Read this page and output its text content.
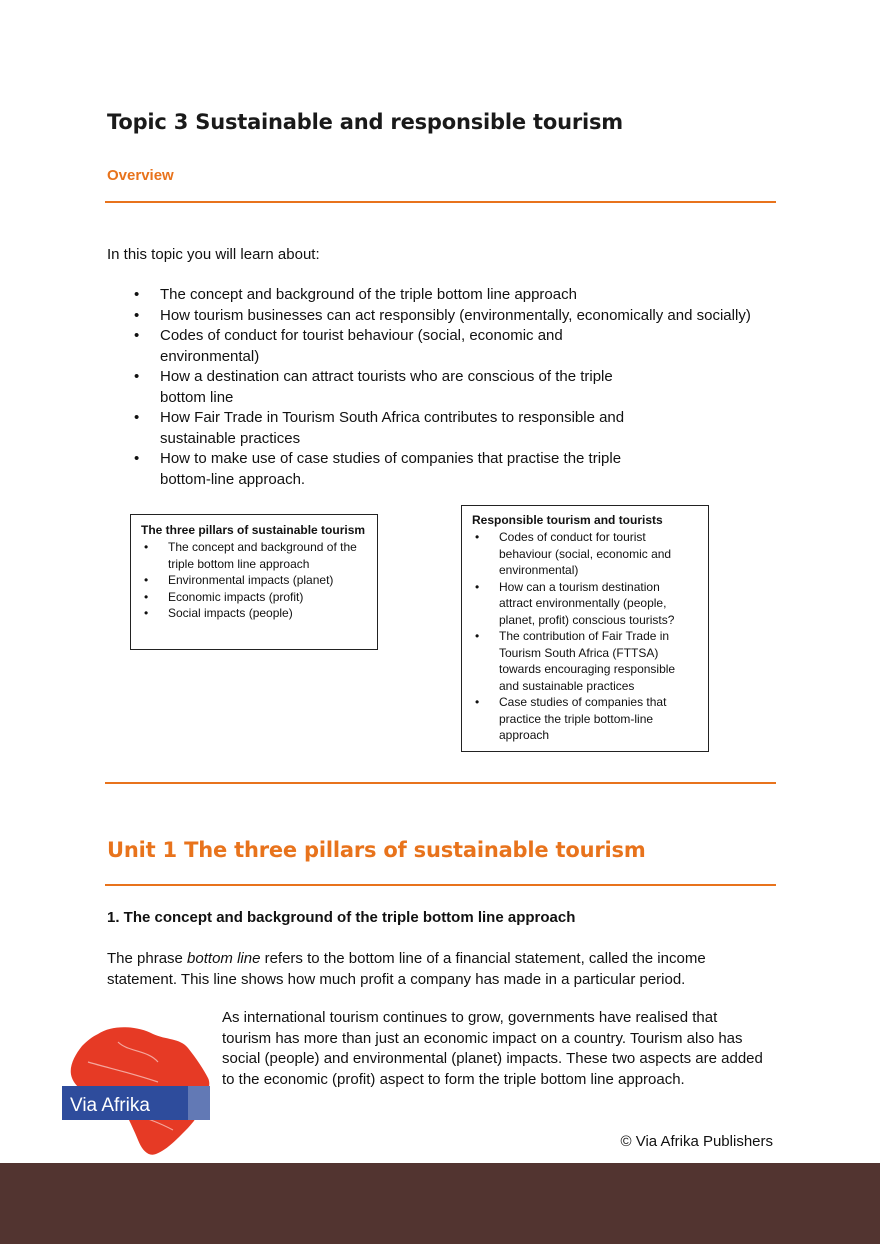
Topic 3 Sustainable and responsible tourism
Overview
In this topic you will learn about:
• The concept and background of the triple bottom line approach
• How tourism businesses can act responsibly (environmentally, economically and socially)
• Codes of conduct for tourist behaviour (social, economic and
environmental)
• How a destination can attract tourists who are conscious of the triple
bottom line
• How Fair Trade in Tourism South Africa contributes to responsible and
sustainable practices
• How to make use of case studies of companies that practise the triple
bottom-line approach.
The three pillars of sustainable tourism
• The concept and background of the
triple bottom line approach
• Environmental impacts (planet)
• Economic impacts (profit)
• Social impacts (people)
Responsible tourism and tourists
• Codes of conduct for tourist
behaviour (social, economic and
environmental)
• How can a tourism destination
attract environmentally (people,
planet, profit) conscious tourists?
• The contribution of Fair Trade in
Tourism South Africa (FTTSA)
towards encouraging responsible
and sustainable practices
• Case studies of companies that
practice the triple bottom-line
approach
Unit 1 The three pillars of sustainable tourism
1. The concept and background of the triple bottom line approach
The phrase bottom line refers to the bottom line of a financial statement, called the income statement. This line shows how much profit a company has made in a particular period.
As international tourism continues to grow, governments have realised that
tourism has more than just an economic impact on a country. Tourism also has
social (people) and environmental (planet) impacts. These two aspects are added
to the economic (profit) aspect to form the triple bottom line approach.
Via Afrika
© Via Afrika Publishers
